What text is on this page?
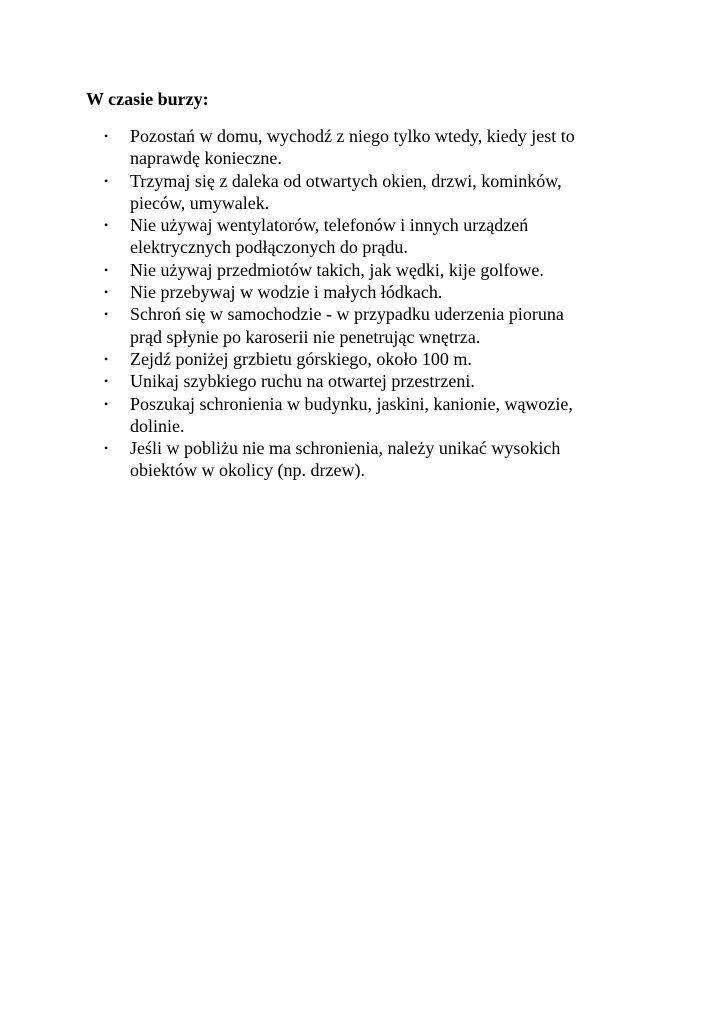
W czasie burzy:
• Pozostań w domu, wychodź z niego tylko wtedy, kiedy jest to
naprawdę konieczne.
• Trzymaj się z daleka od otwartych okien, drzwi, kominków,
pieców, umywalek.
• Nie używaj wentylatorów, telefonów i innych urządzeń
elektrycznych podłączonych do prądu.
• Nie używaj przedmiotów takich, jak wędki, kije golfowe.
• Nie przebywaj w wodzie i małych łódkach.
• Schroń się w samochodzie - w przypadku uderzenia pioruna
prąd spłynie po karoserii nie penetrując wnętrza.
• Zejdź poniżej grzbietu górskiego, około 100 m.
• Unikaj szybkiego ruchu na otwartej przestrzeni.
• Poszukaj schronienia w budynku, jaskini, kanionie, wąwozie,
dolinie.
• Jeśli w pobliżu nie ma schronienia, należy unikać wysokich
obiektów w okolicy (np. drzew).
